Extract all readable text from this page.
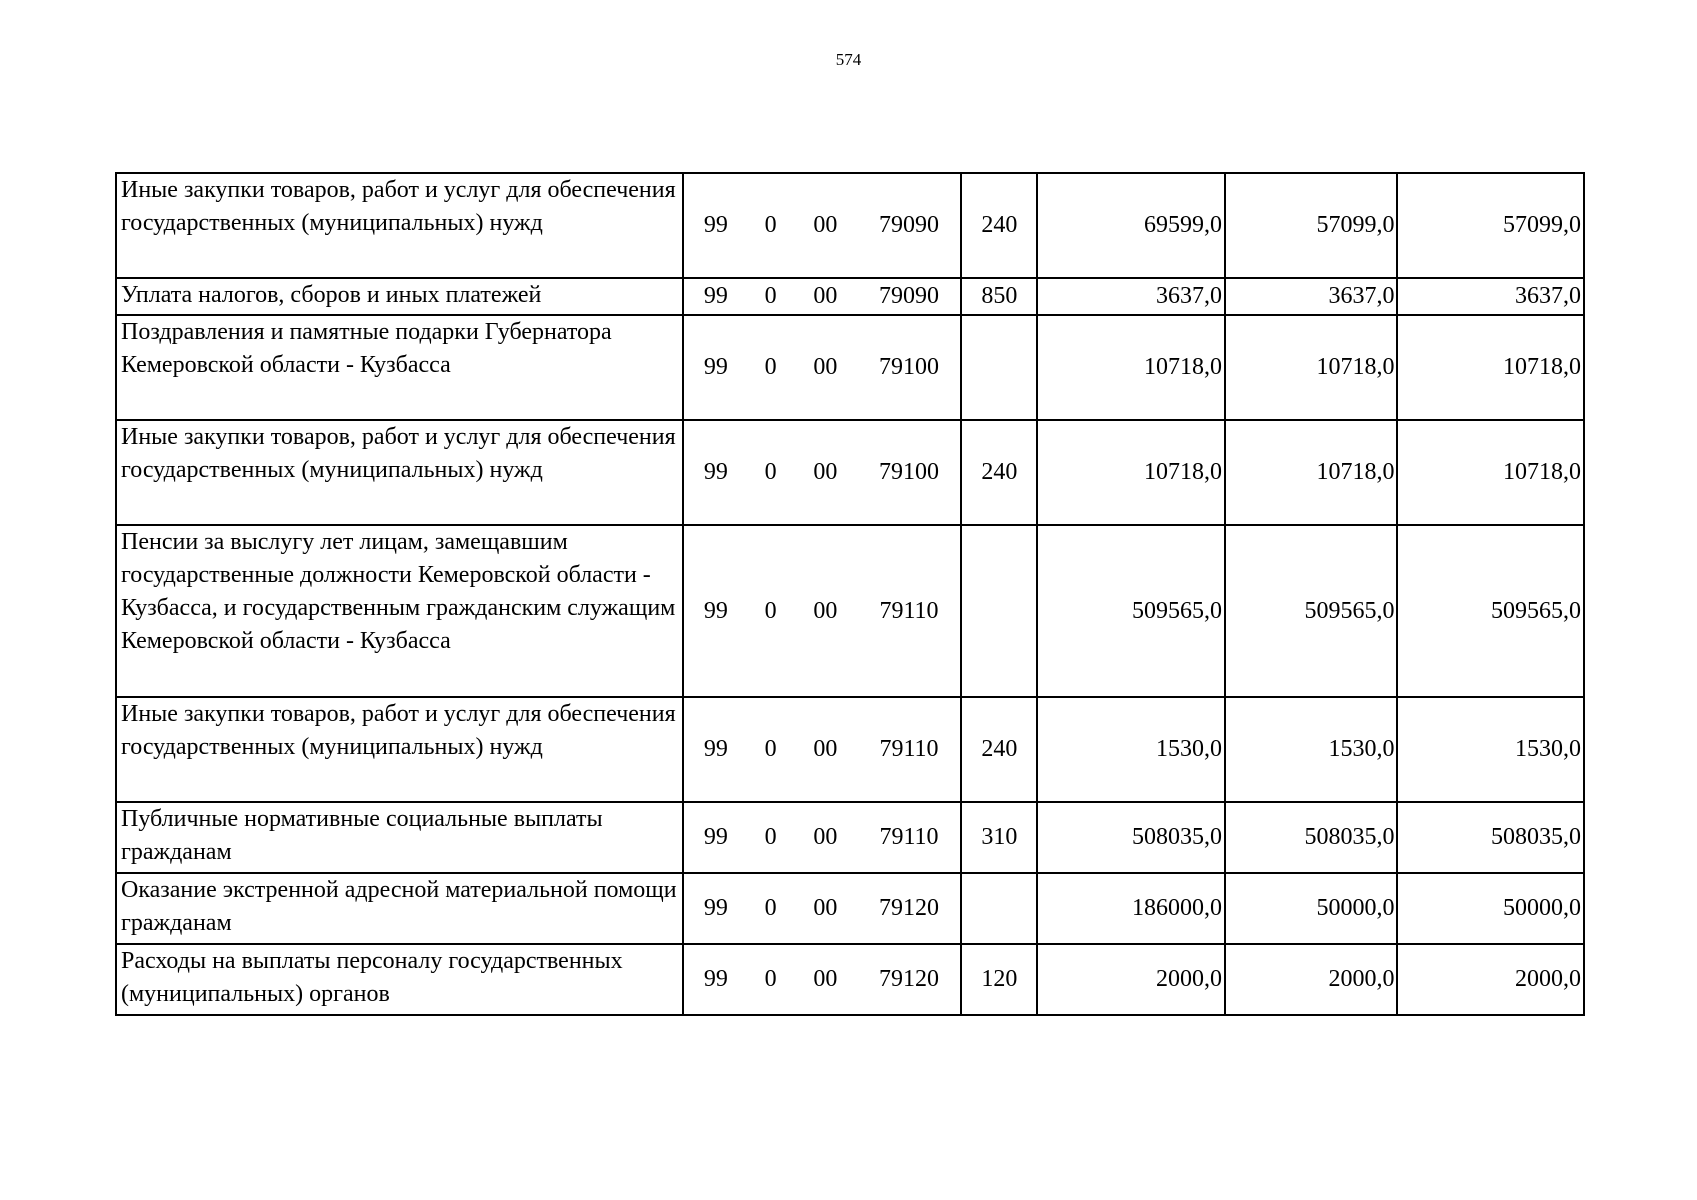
574
Иные закупки товаров, работ и услуг для обеспечения государственных (муниципальных) нужд	99 0 00 79090	240	69599,0	57099,0	57099,0
Уплата налогов, сборов и иных платежей	99 0 00 79090	850	3637,0	3637,0	3637,0
Поздравления и памятные подарки Губернатора Кемеровской области - Кузбасса	99 0 00 79100		10718,0	10718,0	10718,0
Иные закупки товаров, работ и услуг для обеспечения государственных (муниципальных) нужд	99 0 00 79100	240	10718,0	10718,0	10718,0
Пенсии за выслугу лет лицам, замещавшим государственные должности Кемеровской области - Кузбасса, и государственным гражданским служащим Кемеровской области - Кузбасса	99 0 00 79110		509565,0	509565,0	509565,0
Иные закупки товаров, работ и услуг для обеспечения государственных (муниципальных) нужд	99 0 00 79110	240	1530,0	1530,0	1530,0
Публичные нормативные социальные выплаты гражданам	99 0 00 79110	310	508035,0	508035,0	508035,0
Оказание экстренной адресной материальной помощи гражданам	99 0 00 79120		186000,0	50000,0	50000,0
Расходы на выплаты персоналу государственных (муниципальных) органов	99 0 00 79120	120	2000,0	2000,0	2000,0
